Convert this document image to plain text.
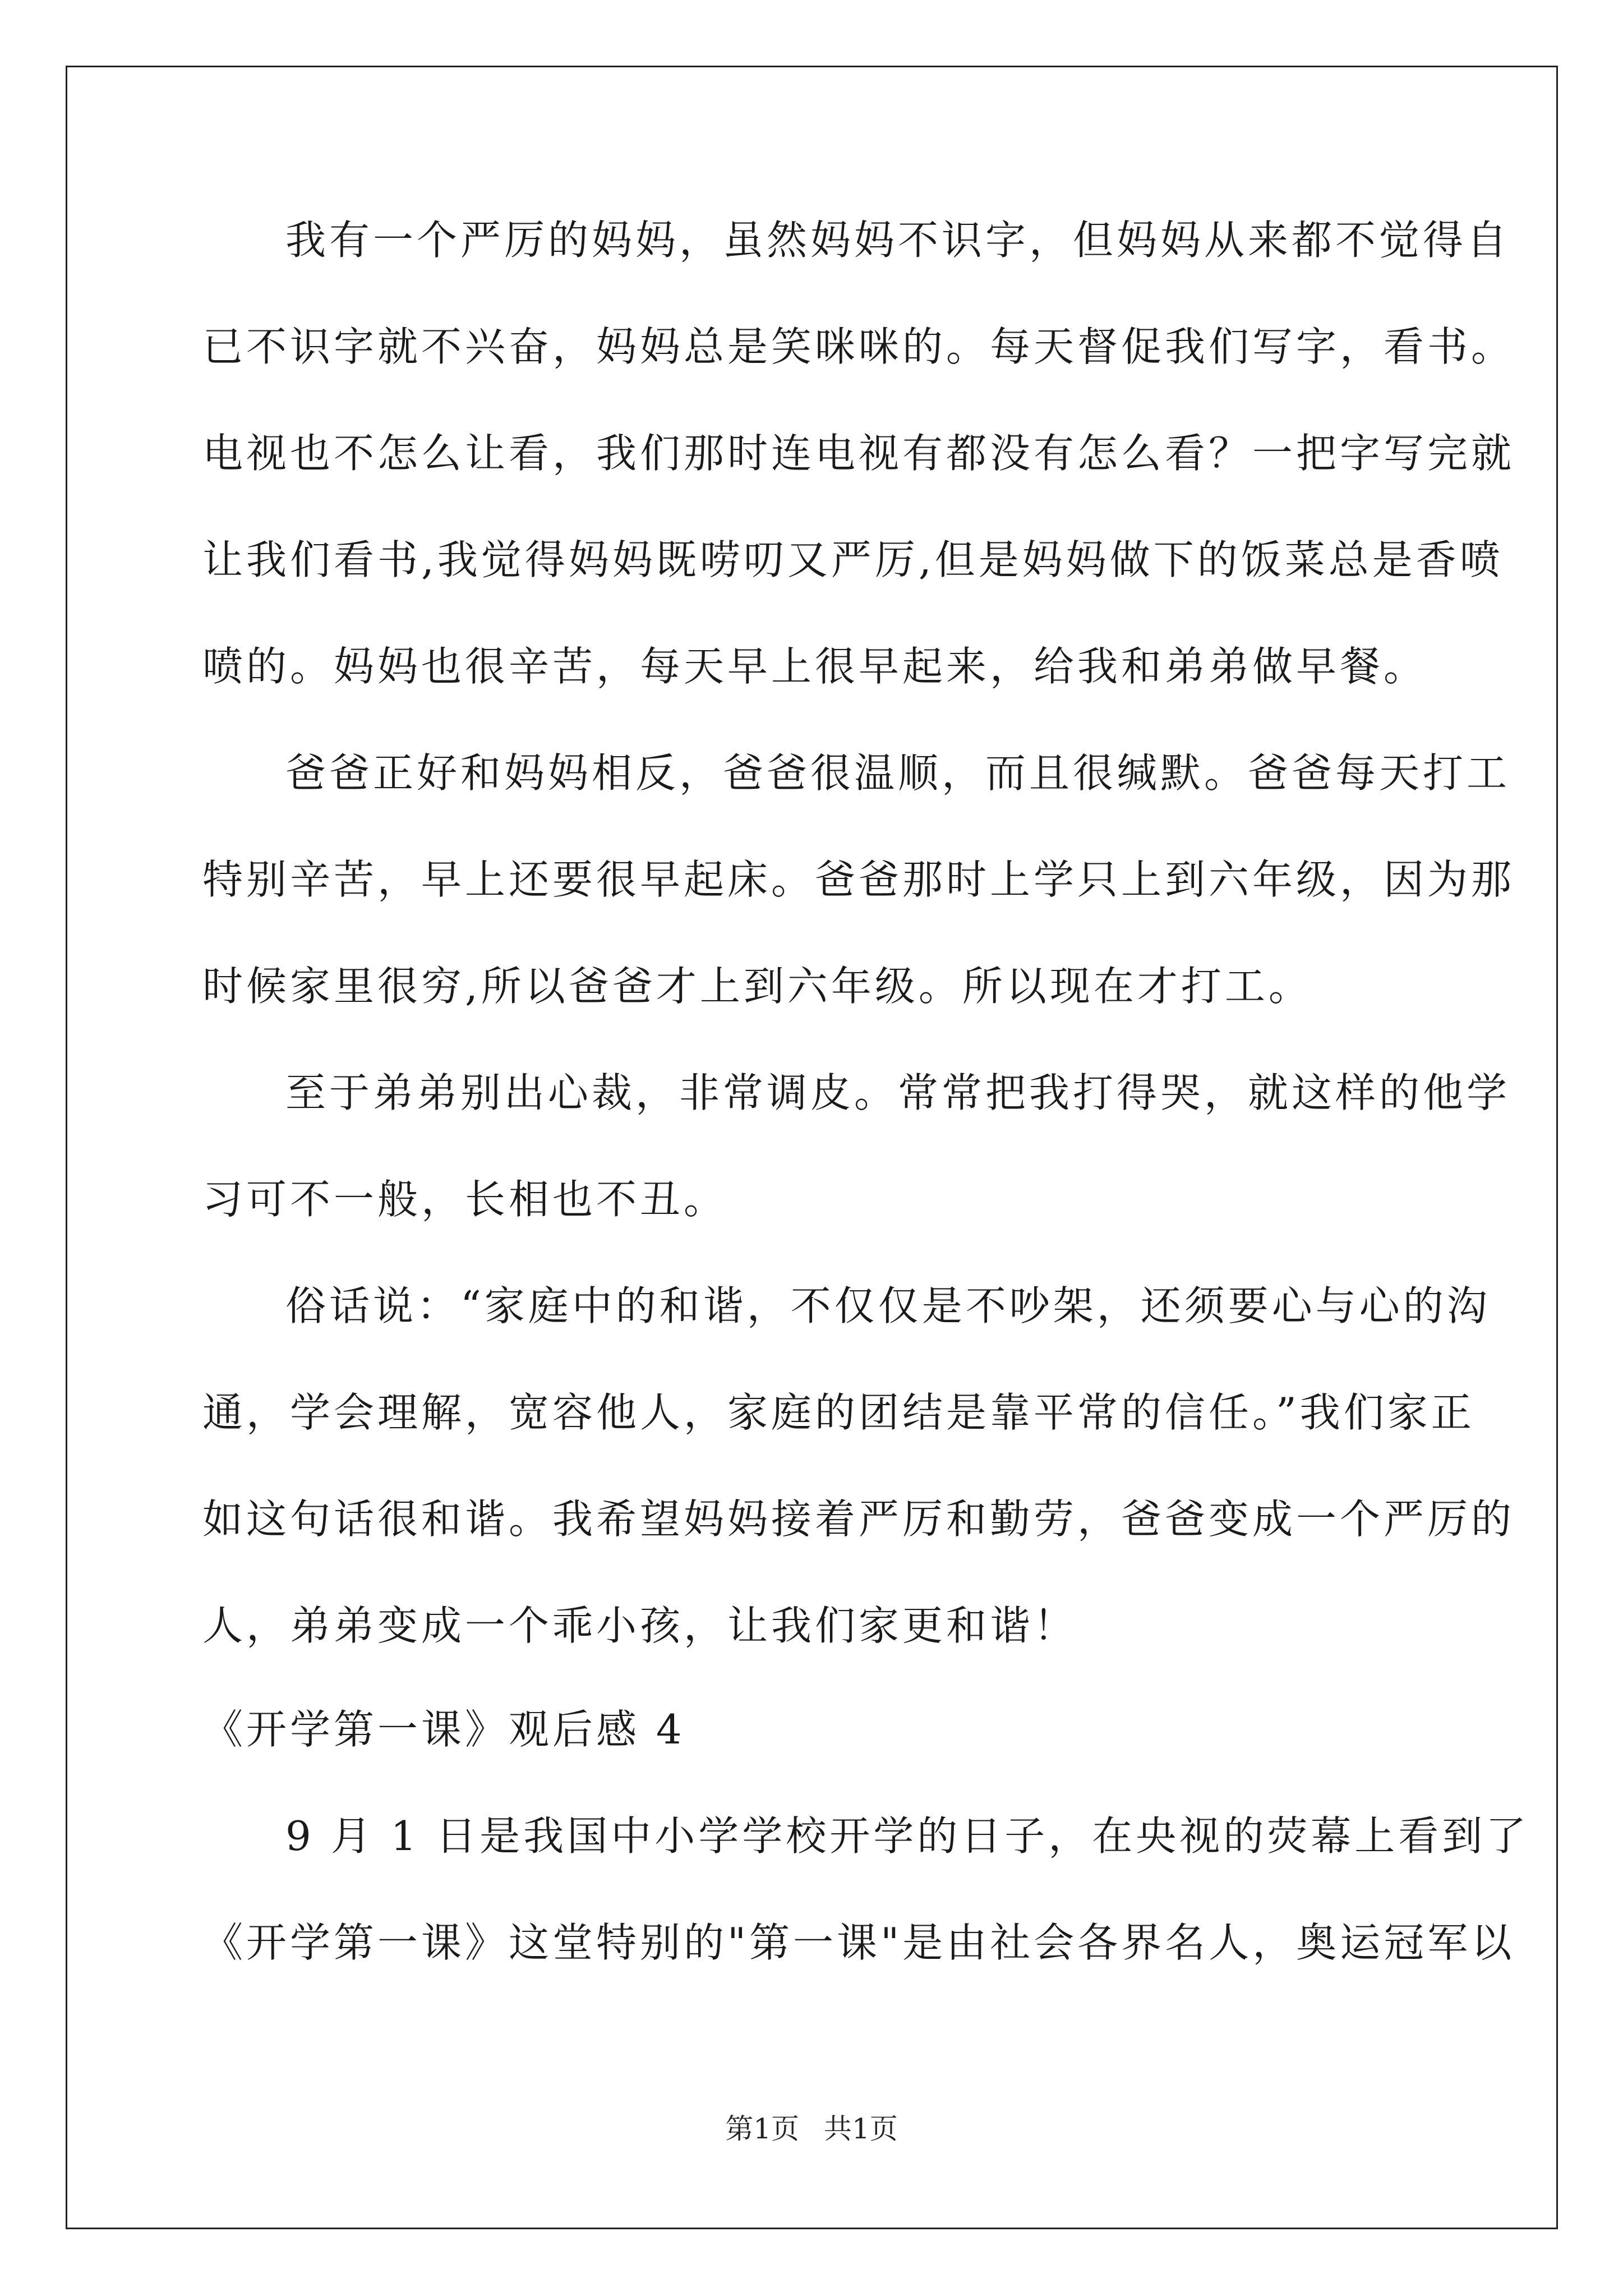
我有一个严厉的妈妈，虽然妈妈不识字，但妈妈从来都不觉得自
已不识字就不兴奋，妈妈总是笑咪咪的。每天督促我们写字，看书。
电视也不怎么让看，我们那时连电视有都没有怎么看？一把字写完就
让我们看书,我觉得妈妈既唠叨又严厉,但是妈妈做下的饭菜总是香喷
喷的。妈妈也很辛苦，每天早上很早起来，给我和弟弟做早餐。
爸爸正好和妈妈相反，爸爸很温顺，而且很缄默。爸爸每天打工
特别辛苦，早上还要很早起床。爸爸那时上学只上到六年级，因为那
时候家里很穷,所以爸爸才上到六年级。所以现在才打工。
至于弟弟别出心裁，非常调皮。常常把我打得哭，就这样的他学
习可不一般，长相也不丑。
俗话说：“家庭中的和谐，不仅仅是不吵架，还须要心与心的沟
通，学会理解，宽容他人，家庭的团结是靠平常的信任。”我们家正
如这句话很和谐。我希望妈妈接着严厉和勤劳，爸爸变成一个严厉的
人，弟弟变成一个乖小孩，让我们家更和谐！
《开学第一课》观后感 4
9 月 1 日是我国中小学学校开学的日子，在央视的荧幕上看到了
《开学第一课》这堂特别的"第一课"是由社会各界名人，奥运冠军以
第1页 共1页
